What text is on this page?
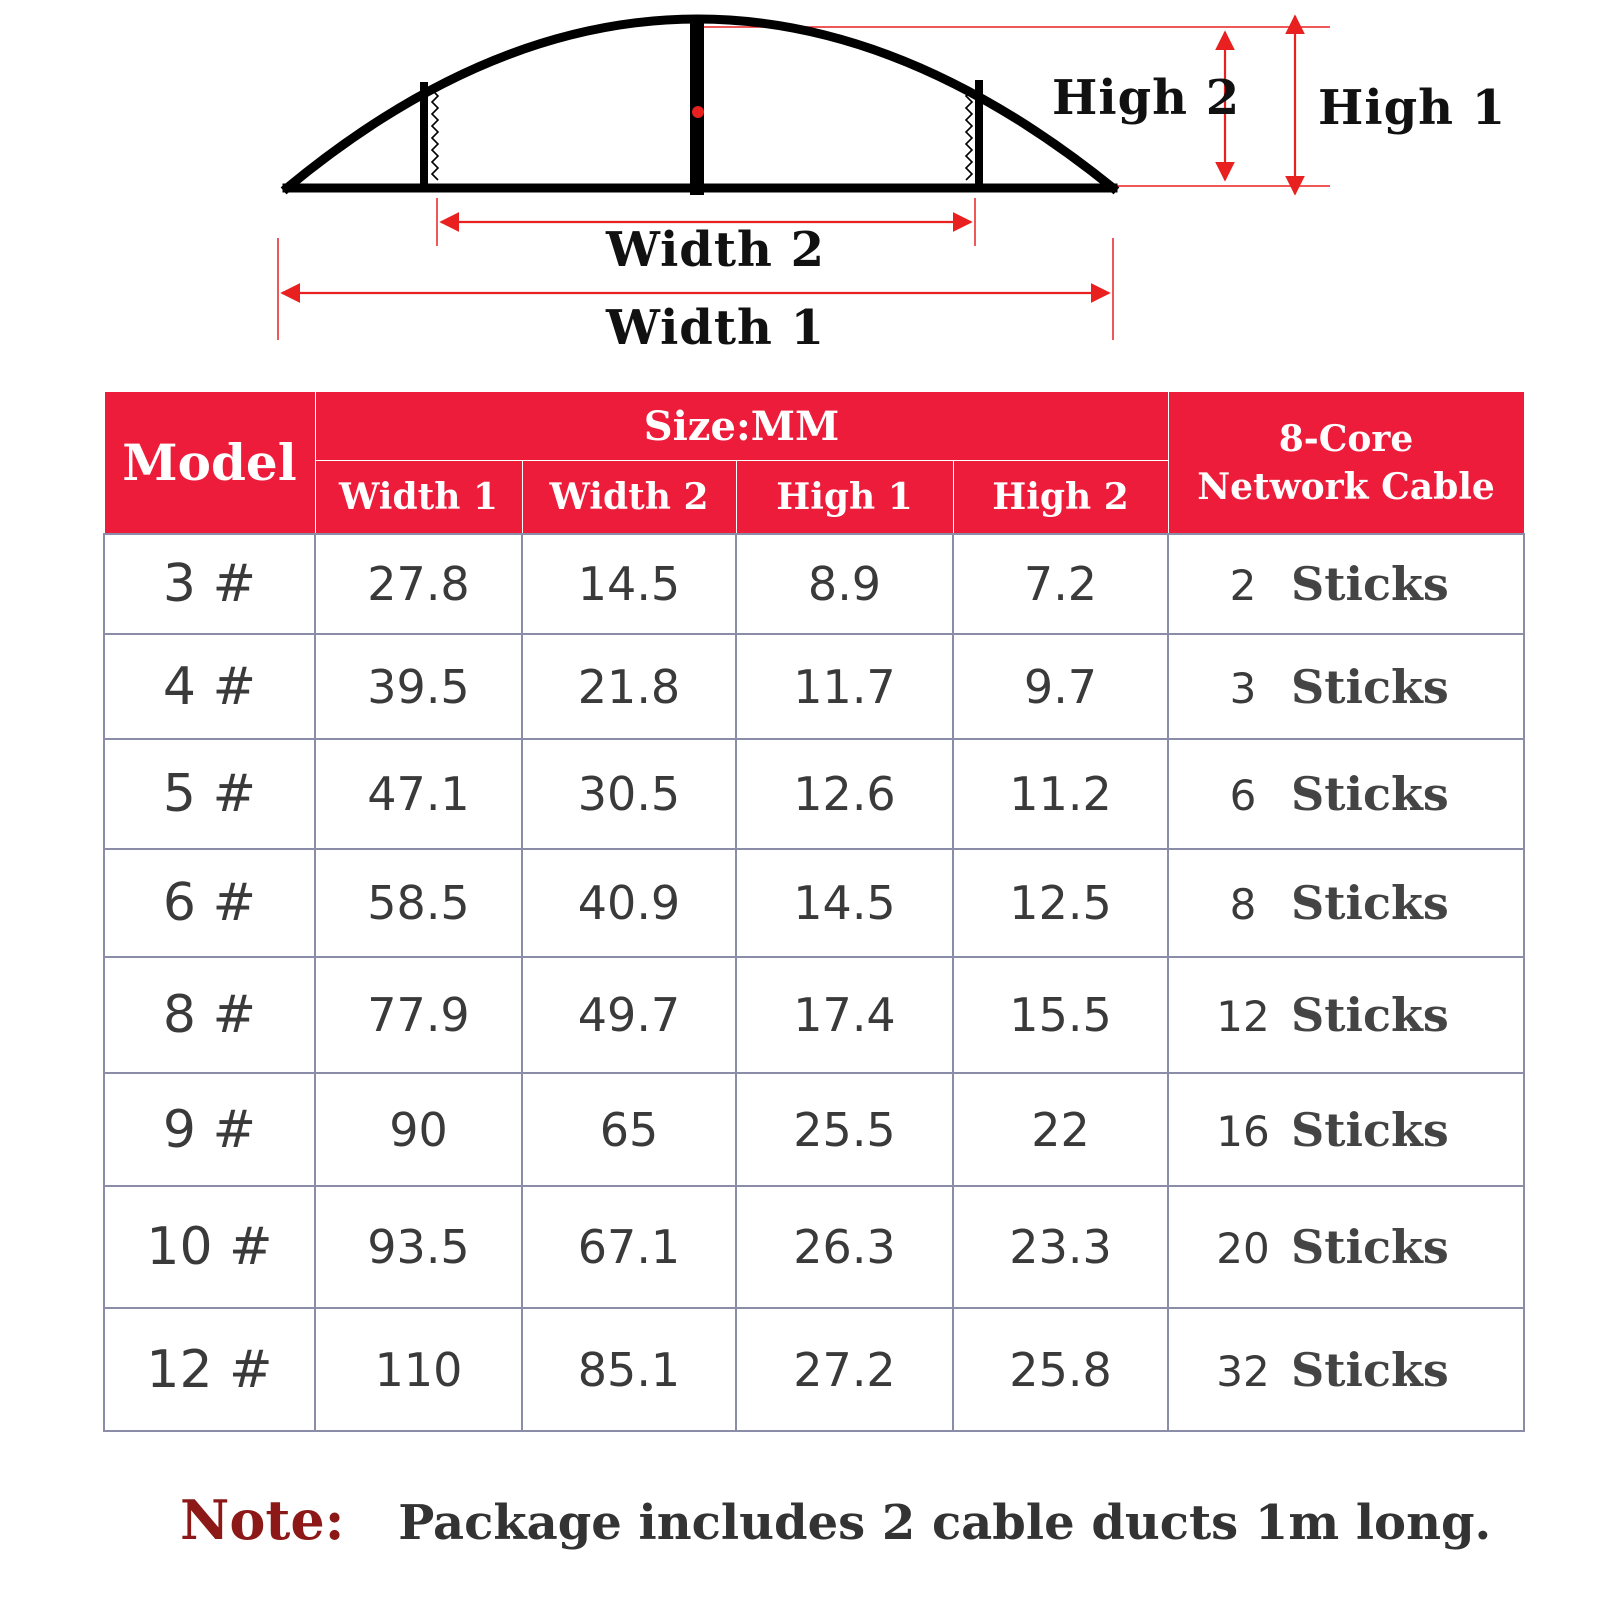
High 2 High 1
Width 2
Width 1
Model	Size:MM				8-Core
Network Cable

	Width 1	Width 2	High 1	High 2	
3 #	27.8	14.5	8.9	7.2	2 Sticks
4 #	39.5	21.8	11.7	9.7	3 Sticks
5 #	47.1	30.5	12.6	11.2	6 Sticks
6 #	58.5	40.9	14.5	12.5	8 Sticks
8 #	77.9	49.7	17.4	15.5	12 Sticks
9 #	90	65	25.5	22	16 Sticks
10 #	93.5	67.1	26.3	23.3	20 Sticks
12 #	110	85.1	27.2	25.8	32 Sticks
Note: Package includes 2 cable ducts 1m long.
